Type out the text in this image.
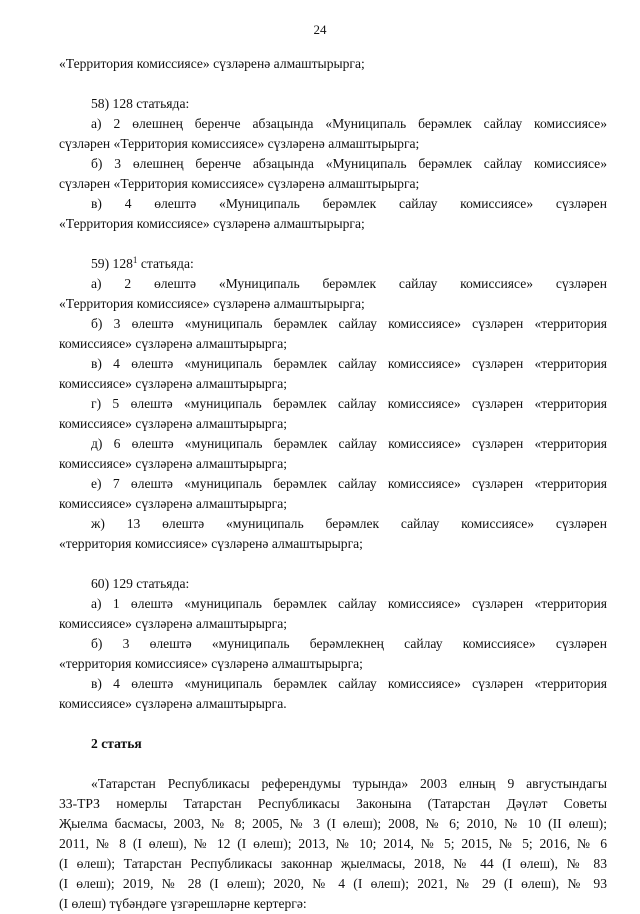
24
«Территория комиссиясе» сүзләренә алмаштырырга;
58) 128 статьяда:
а) 2 өлешнең беренче абзацында «Муниципаль берәмлек сайлау комиссиясе»
сүзләрен «Территория комиссиясе» сүзләренә алмаштырырга;
б) 3 өлешнең беренче абзацында «Муниципаль берәмлек сайлау комиссиясе»
сүзләрен «Территория комиссиясе» сүзләренә алмаштырырга;
в) 4 өлештә «Муниципаль берәмлек сайлау комиссиясе» сүзләрен
«Территория комиссиясе» сүзләренә алмаштырырга;
59) $128^1$ статьяда:
а) 2 өлештә «Муниципаль берәмлек сайлау комиссиясе» сүзләрен
«Территория комиссиясе» сүзләренә алмаштырырга;
б) 3 өлештә «муниципаль берәмлек сайлау комиссиясе» сүзләрен «территория
комиссиясе» сүзләренә алмаштырырга;
в) 4 өлештә «муниципаль берәмлек сайлау комиссиясе» сүзләрен «территория
комиссиясе» сүзләренә алмаштырырга;
г) 5 өлештә «муниципаль берәмлек сайлау комиссиясе» сүзләрен «территория
комиссиясе» сүзләренә алмаштырырга;
д) 6 өлештә «муниципаль берәмлек сайлау комиссиясе» сүзләрен «территория
комиссиясе» сүзләренә алмаштырырга;
е) 7 өлештә «муниципаль берәмлек сайлау комиссиясе» сүзләрен «территория
комиссиясе» сүзләренә алмаштырырга;
ж) 13 өлештә «муниципаль берәмлек сайлау комиссиясе» сүзләрен
«территория комиссиясе» сүзләренә алмаштырырга;
60) 129 статьяда:
а) 1 өлештә «муниципаль берәмлек сайлау комиссиясе» сүзләрен «территория
комиссиясе» сүзләренә алмаштырырга;
б) 3 өлештә «муниципаль берәмлекнең сайлау комиссиясе» сүзләрен
«территория комиссиясе» сүзләренә алмаштырырга;
в) 4 өлештә «муниципаль берәмлек сайлау комиссиясе» сүзләрен «территория
комиссиясе» сүзләренә алмаштырырга.
2 статья
«Татарстан Республикасы референдумы турында» 2003 елның 9 августындагы
33-ТРЗ номерлы Татарстан Республикасы Законына (Татарстан Дәүләт Советы
Җыелма басмасы, 2003, № 8; 2005, № 3 (I өлеш); 2008, № 6; 2010, № 10 (II өлеш);
2011, № 8 (I өлеш), № 12 (I өлеш); 2013, № 10; 2014, № 5; 2015, № 5; 2016, № 6
(I өлеш); Татарстан Республикасы законнар җыелмасы, 2018, № 44 (I өлеш), № 83
(I өлеш); 2019, № 28 (I өлеш); 2020, № 4 (I өлеш); 2021, № 29 (I өлеш), № 93
(I өлеш) түбәндәге үзгәрешләрне кертергә:
